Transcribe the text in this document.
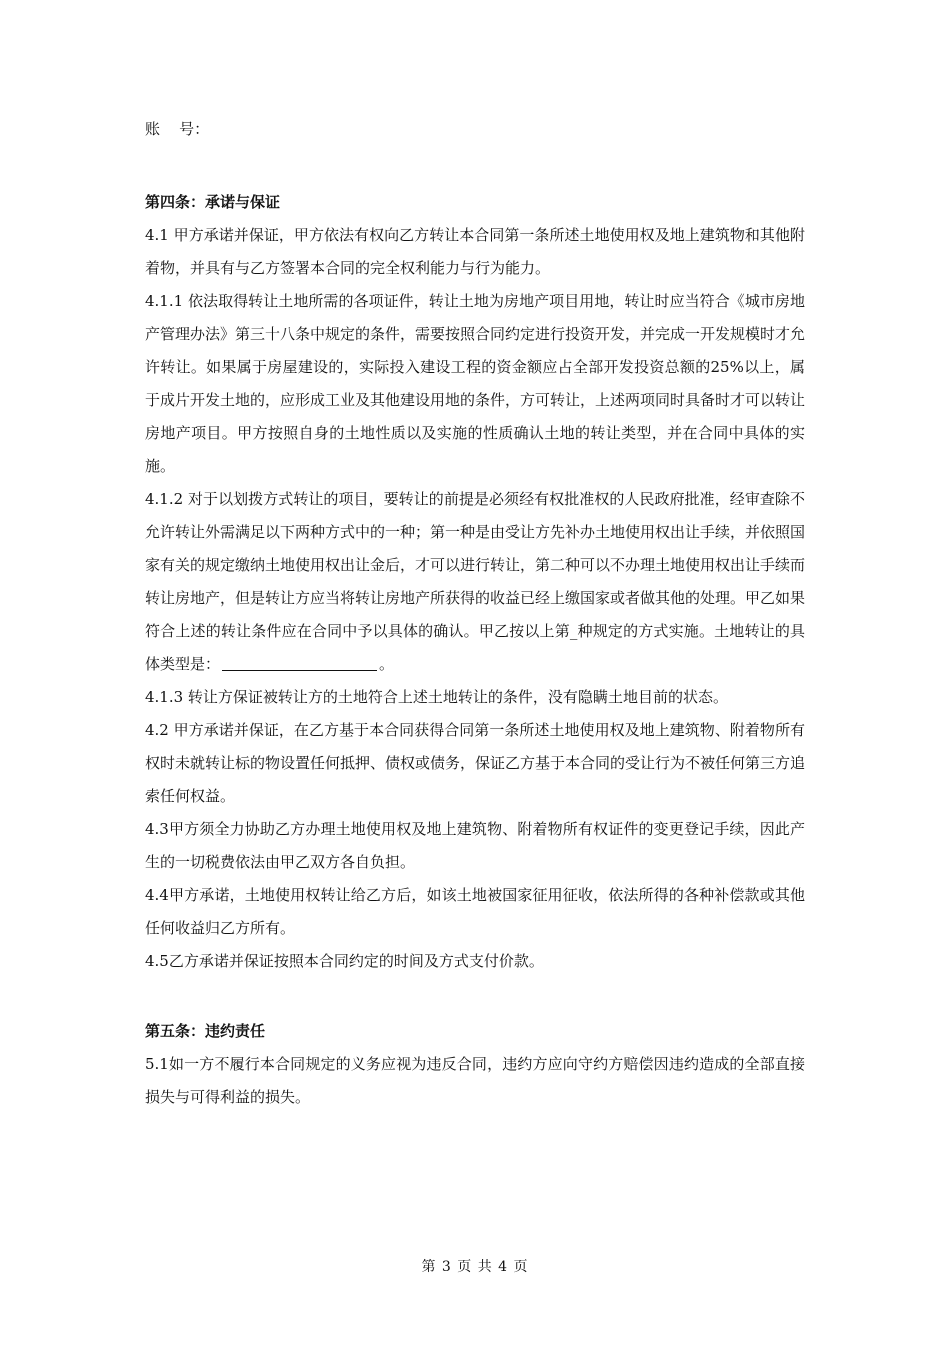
账    号：

第四条：承诺与保证

4.1 甲方承诺并保证，甲方依法有权向乙方转让本合同第一条所述土地使用权及地上建筑物和其他附着物，并具有与乙方签署本合同的完全权利能力与行为能力。

4.1.1 依法取得转让土地所需的各项证件，转让土地为房地产项目用地，转让时应当符合《城市房地产管理办法》第三十八条中规定的条件，需要按照合同约定进行投资开发，并完成一开发规模时才允许转让。如果属于房屋建设的，实际投入建设工程的资金额应占全部开发投资总额的25%以上，属于成片开发土地的，应形成工业及其他建设用地的条件，方可转让，上述两项同时具备时才可以转让房地产项目。甲方按照自身的土地性质以及实施的性质确认土地的转让类型，并在合同中具体的实施。

4.1.2 对于以划拨方式转让的项目，要转让的前提是必须经有权批准权的人民政府批准，经审查除不允许转让外需满足以下两种方式中的一种；第一种是由受让方先补办土地使用权出让手续，并依照国家有关的规定缴纳土地使用权出让金后，才可以进行转让，第二种可以不办理土地使用权出让手续而转让房地产，但是转让方应当将转让房地产所获得的收益已经上缴国家或者做其他的处理。甲乙如果符合上述的转让条件应在合同中予以具体的确认。甲乙按以上第_种规定的方式实施。土地转让的具体类型是：	。

4.1.3 转让方保证被转让方的土地符合上述土地转让的条件，没有隐瞒土地目前的状态。

4.2 甲方承诺并保证，在乙方基于本合同获得合同第一条所述土地使用权及地上建筑物、附着物所有权时未就转让标的物设置任何抵押、债权或债务，保证乙方基于本合同的受让行为不被任何第三方追索任何权益。

4.3甲方须全力协助乙方办理土地使用权及地上建筑物、附着物所有权证件的变更登记手续，因此产生的一切税费依法由甲乙双方各自负担。

4.4甲方承诺，土地使用权转让给乙方后，如该土地被国家征用征收，依法所得的各种补偿款或其他任何收益归乙方所有。

4.5乙方承诺并保证按照本合同约定的时间及方式支付价款。

第五条：违约责任

5.1如一方不履行本合同规定的义务应视为违反合同，违约方应向守约方赔偿因违约造成的全部直接损失与可得利益的损失。

第 3 页 共 4 页
